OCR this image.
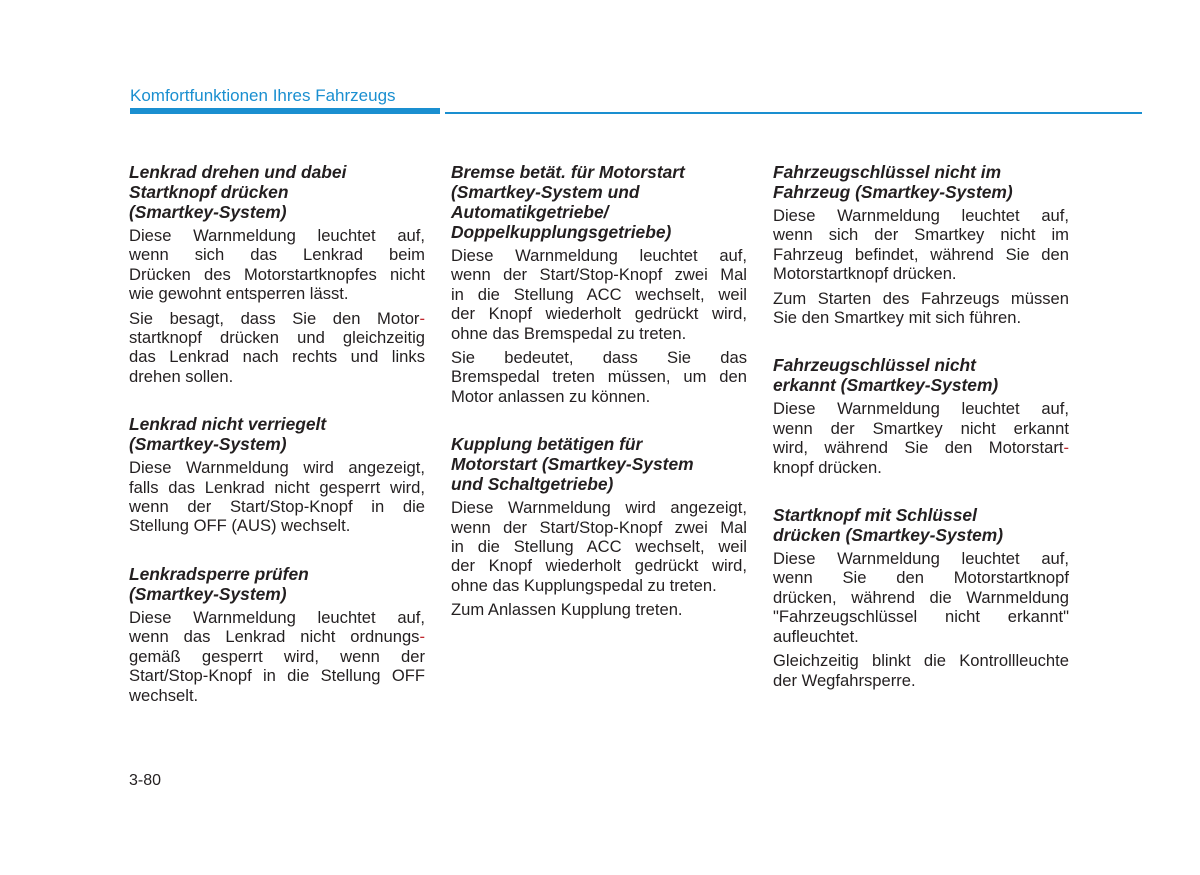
Komfortfunktionen Ihres Fahrzeugs
Lenkrad drehen und dabei
Startknopf drücken
(Smartkey-System)
Diese Warnmeldung leuchtet auf,
wenn sich das Lenkrad beim
Drücken des Motorstartknopfes nicht
wie gewohnt entsperren lässt.
Sie besagt, dass Sie den Motor-
startknopf drücken und gleichzeitig
das Lenkrad nach rechts und links
drehen sollen.
Lenkrad nicht verriegelt
(Smartkey-System)
Diese Warnmeldung wird angezeigt,
falls das Lenkrad nicht gesperrt wird,
wenn der Start/Stop-Knopf in die
Stellung OFF (AUS) wechselt.
Lenkradsperre prüfen
(Smartkey-System)
Diese Warnmeldung leuchtet auf,
wenn das Lenkrad nicht ordnungs-
gemäß gesperrt wird, wenn der
Start/Stop-Knopf in die Stellung OFF
wechselt.
Bremse betät. für Motorstart
(Smartkey-System und
Automatikgetriebe/
Doppelkupplungsgetriebe)
Diese Warnmeldung leuchtet auf,
wenn der Start/Stop-Knopf zwei Mal
in die Stellung ACC wechselt, weil
der Knopf wiederholt gedrückt wird,
ohne das Bremspedal zu treten.
Sie bedeutet, dass Sie das
Bremspedal treten müssen, um den
Motor anlassen zu können.
Kupplung betätigen für
Motorstart (Smartkey-System
und Schaltgetriebe)
Diese Warnmeldung wird angezeigt,
wenn der Start/Stop-Knopf zwei Mal
in die Stellung ACC wechselt, weil
der Knopf wiederholt gedrückt wird,
ohne das Kupplungspedal zu treten.
Zum Anlassen Kupplung treten.
Fahrzeugschlüssel nicht im
Fahrzeug (Smartkey-System)
Diese Warnmeldung leuchtet auf,
wenn sich der Smartkey nicht im
Fahrzeug befindet, während Sie den
Motorstartknopf drücken.
Zum Starten des Fahrzeugs müssen
Sie den Smartkey mit sich führen.
Fahrzeugschlüssel nicht
erkannt (Smartkey-System)
Diese Warnmeldung leuchtet auf,
wenn der Smartkey nicht erkannt
wird, während Sie den Motorstart-
knopf drücken.
Startknopf mit Schlüssel
drücken (Smartkey-System)
Diese Warnmeldung leuchtet auf,
wenn Sie den Motorstartknopf
drücken, während die Warnmeldung
"Fahrzeugschlüssel nicht erkannt"
aufleuchtet.
Gleichzeitig blinkt die Kontrollleuchte
der Wegfahrsperre.
3-80
